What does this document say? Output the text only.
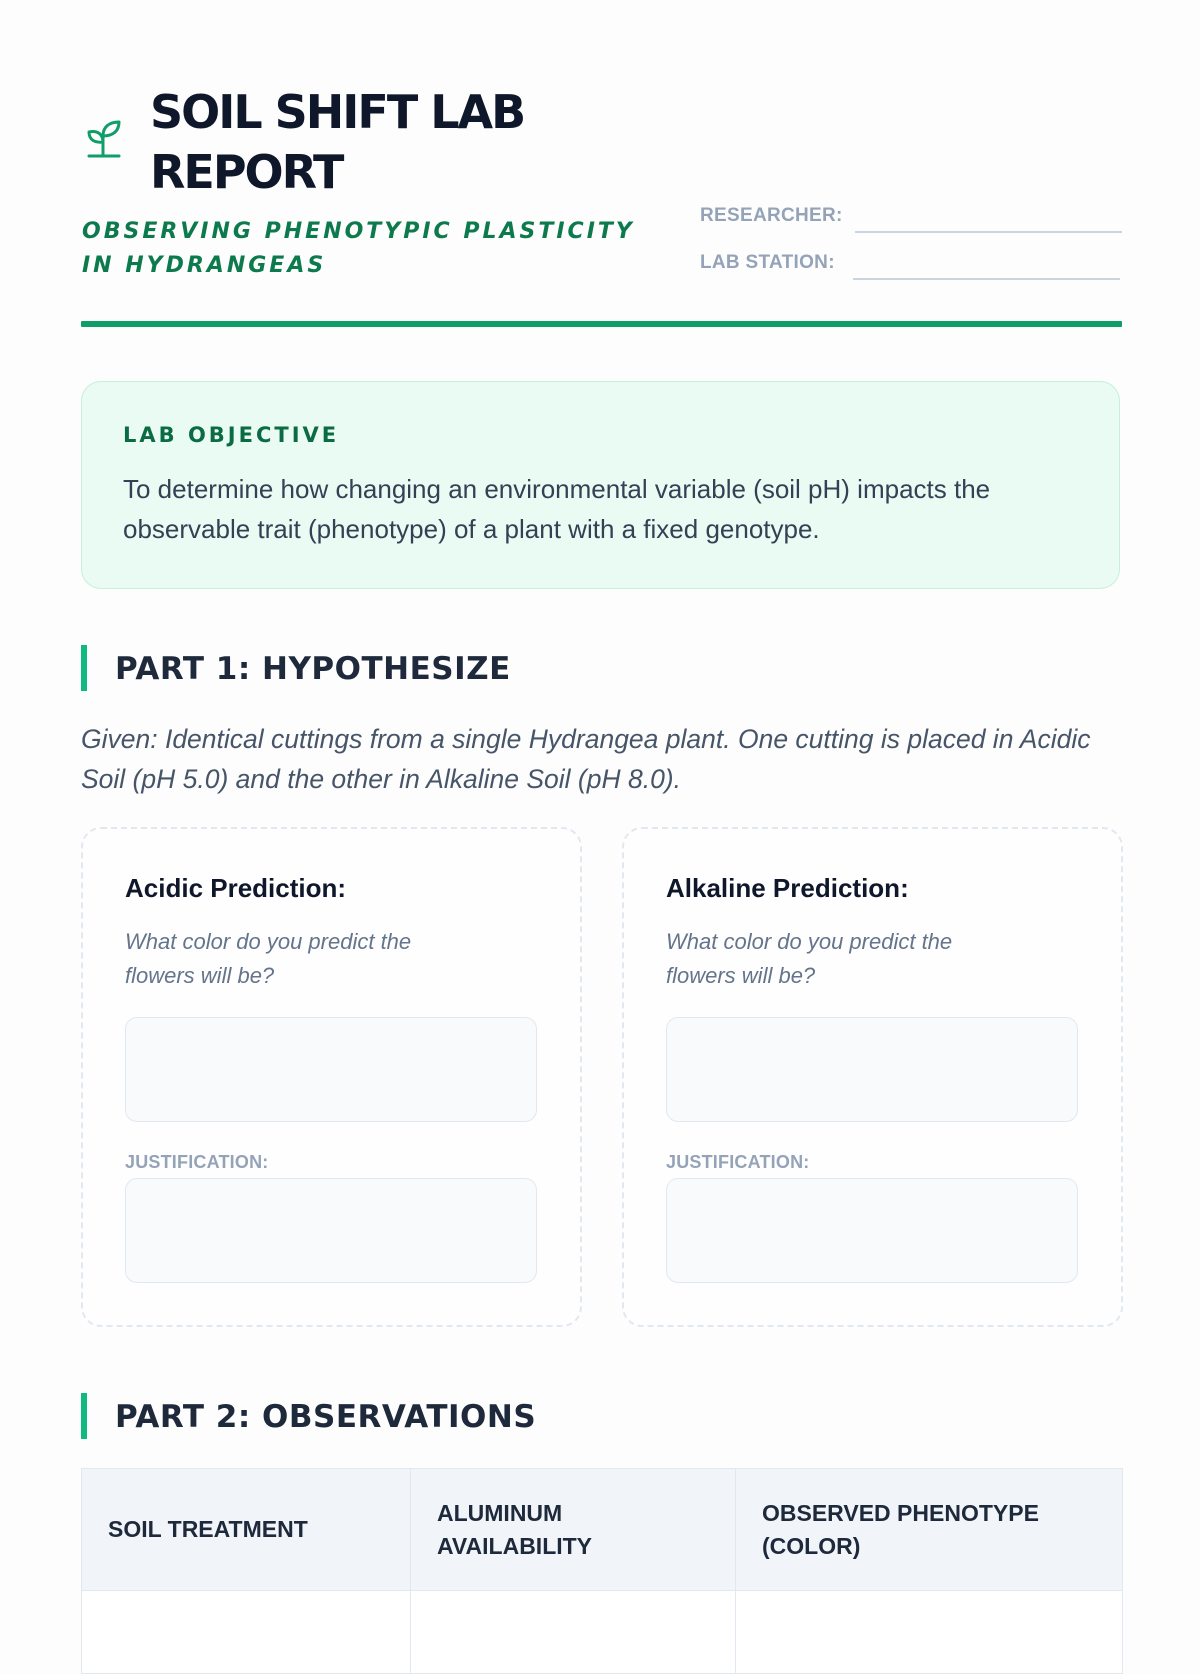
SOIL SHIFT LAB REPORT

OBSERVING PHENOTYPIC PLASTICITY IN HYDRANGEAS

RESEARCHER:
LAB STATION:
LAB OBJECTIVE

To determine how changing an environmental variable (soil pH) impacts the observable trait (phenotype) of a plant with a fixed genotype.

PART 1: HYPOTHESIZE

Given: Identical cuttings from a single Hydrangea plant. One cutting is placed in Acidic Soil (pH 5.0) and the other in Alkaline Soil (pH 8.0).

Acidic Prediction:

What color do you predict the flowers will be?

JUSTIFICATION:

Alkaline Prediction:

What color do you predict the flowers will be?

JUSTIFICATION:

PART 2: OBSERVATIONS
SOIL TREATMENT	ALUMINUM AVAILABILITY	OBSERVED PHENOTYPE (COLOR)
